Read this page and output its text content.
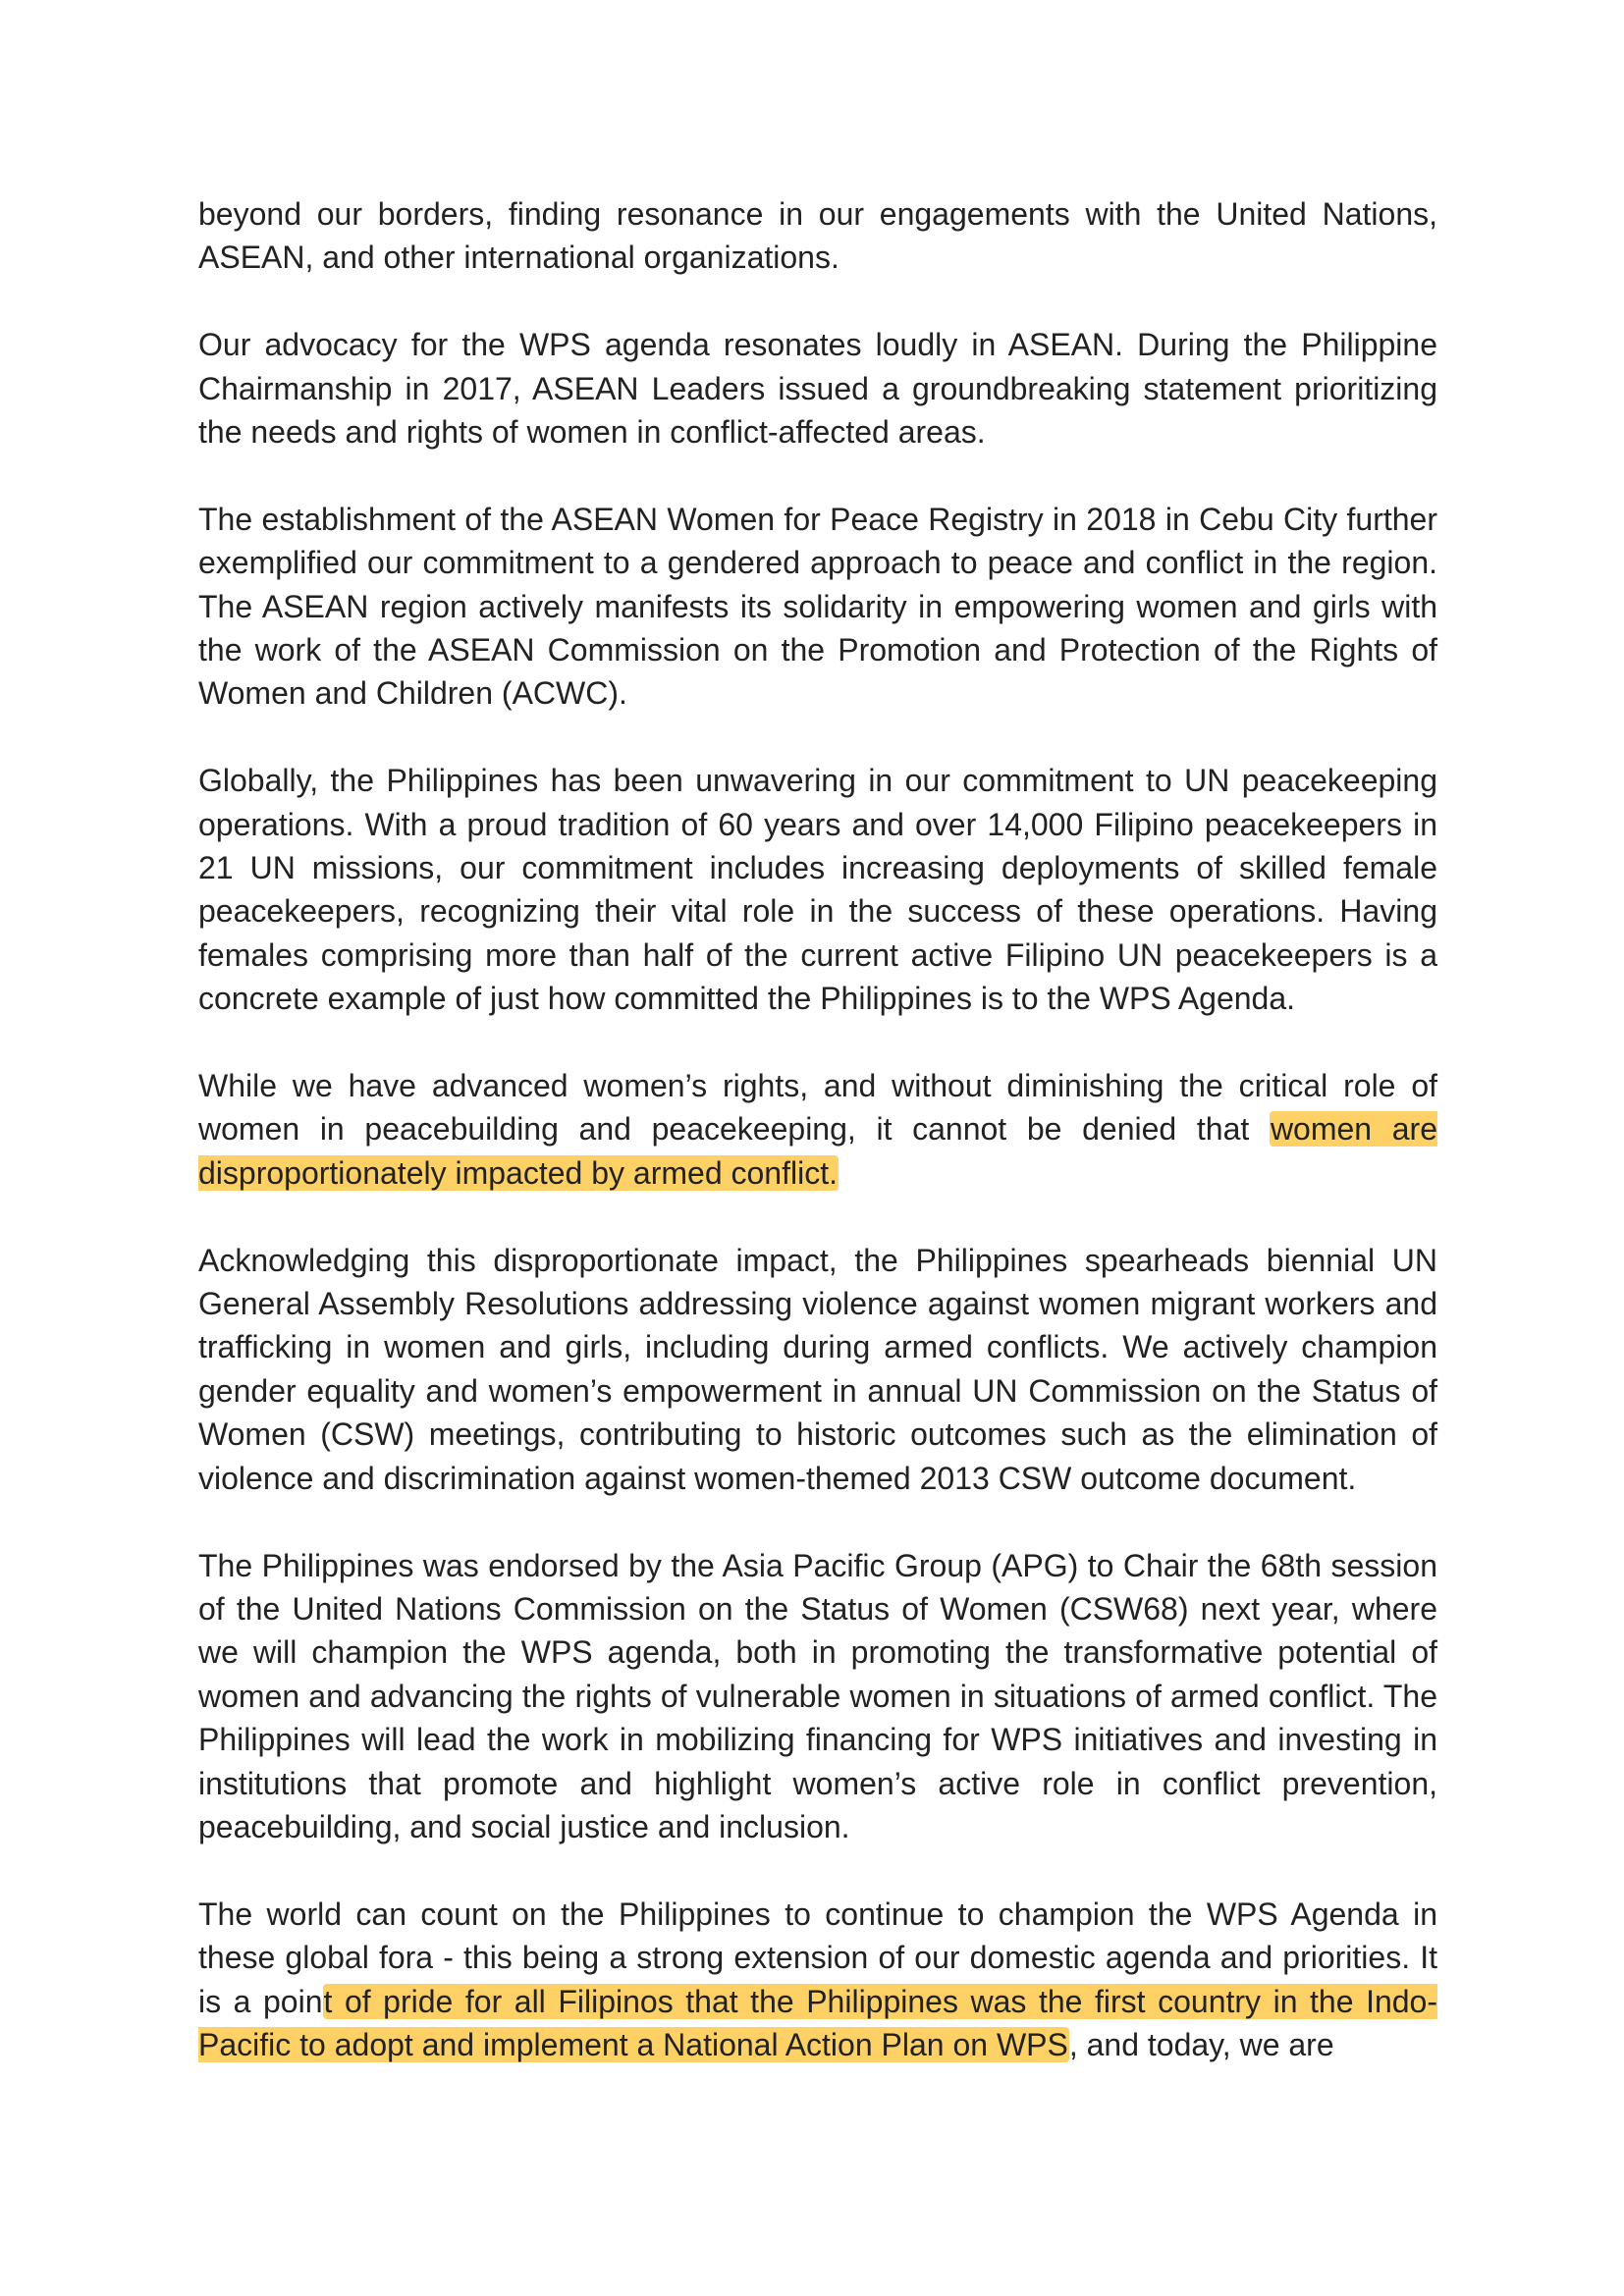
beyond our borders, finding resonance in our engagements with the United Nations, ASEAN, and other international organizations.

Our advocacy for the WPS agenda resonates loudly in ASEAN. During the Philippine Chairmanship in 2017, ASEAN Leaders issued a groundbreaking statement prioritizing the needs and rights of women in conflict-affected areas.

The establishment of the ASEAN Women for Peace Registry in 2018 in Cebu City further exemplified our commitment to a gendered approach to peace and conflict in the region. The ASEAN region actively manifests its solidarity in empowering women and girls with the work of the ASEAN Commission on the Promotion and Protection of the Rights of Women and Children (ACWC).

Globally, the Philippines has been unwavering in our commitment to UN peacekeeping operations. With a proud tradition of 60 years and over 14,000 Filipino peacekeepers in 21 UN missions, our commitment includes increasing deployments of skilled female peacekeepers, recognizing their vital role in the success of these operations. Having females comprising more than half of the current active Filipino UN peacekeepers is a concrete example of just how committed the Philippines is to the WPS Agenda.

While we have advanced women’s rights, and without diminishing the critical role of women in peacebuilding and peacekeeping, it cannot be denied that women are disproportionately impacted by armed conflict.

Acknowledging this disproportionate impact, the Philippines spearheads biennial UN General Assembly Resolutions addressing violence against women migrant workers and trafficking in women and girls, including during armed conflicts. We actively champion gender equality and women’s empowerment in annual UN Commission on the Status of Women (CSW) meetings, contributing to historic outcomes such as the elimination of violence and discrimination against women-themed 2013 CSW outcome document.

The Philippines was endorsed by the Asia Pacific Group (APG) to Chair the 68th session of the United Nations Commission on the Status of Women (CSW68) next year, where we will champion the WPS agenda, both in promoting the transformative potential of women and advancing the rights of vulnerable women in situations of armed conflict. The Philippines will lead the work in mobilizing financing for WPS initiatives and investing in institutions that promote and highlight women’s active role in conflict prevention, peacebuilding, and social justice and inclusion.

The world can count on the Philippines to continue to champion the WPS Agenda in these global fora - this being a strong extension of our domestic agenda and priorities. It is a point of pride for all Filipinos that the Philippines was the first country in the Indo-Pacific to adopt and implement a National Action Plan on WPS, and today, we are
